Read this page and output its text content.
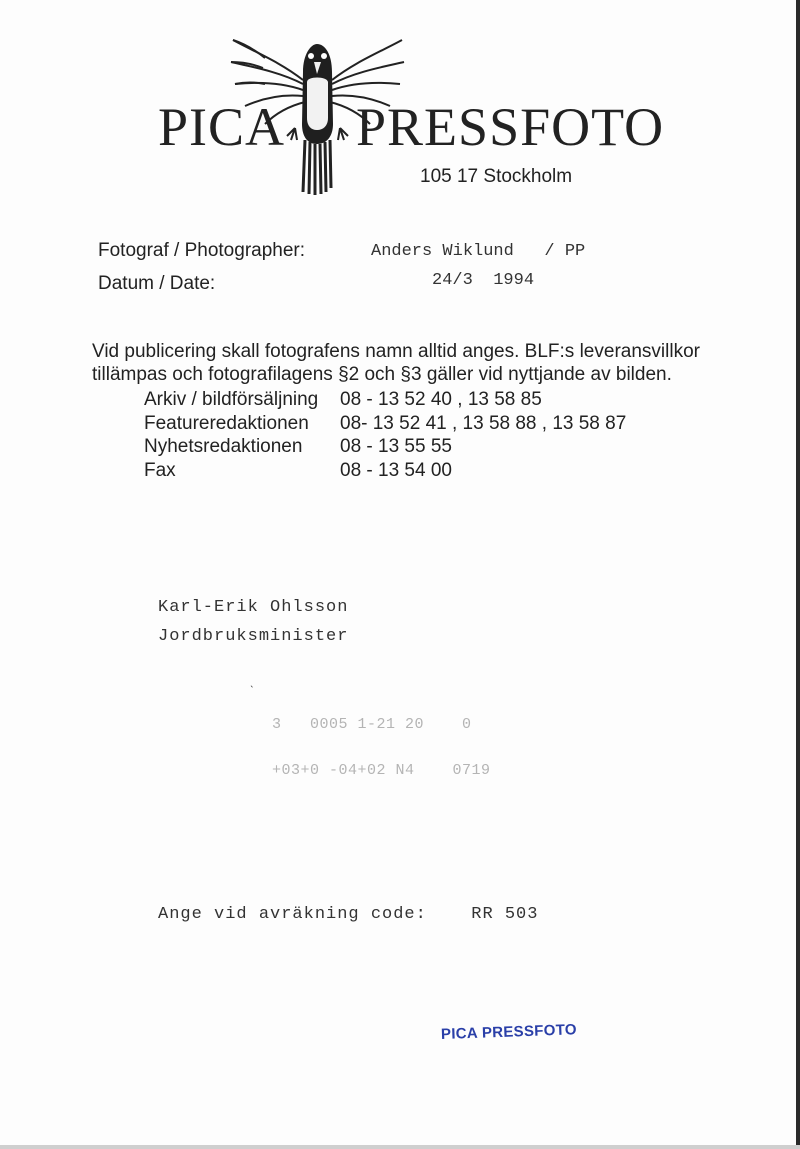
PICA PRESSFOTO
105 17 Stockholm
Fotograf / Photographer:	Anders Wiklund   / PP
Datum / Date:	24/3  1994
Vid publicering skall fotografens namn alltid anges. BLF:s leveransvillkor
tillämpas och fotografilagens §2 och §3 gäller vid nyttjande av bilden.
Arkiv / bildförsäljning	08 - 13 52 40 , 13 58 85
Featureredaktionen	08- 13 52 41 , 13 58 88 , 13 58 87
Nyhetsredaktionen	08 - 13 55 55
Fax	08 - 13 54 00
Karl-Erik Ohlsson
Jordbruksminister
ˎ
3   0005 1-21 20    0
+03+0 -04+02 N4    0719
Ange vid avräkning code:	RR 503
PICA PRESSFOTO
